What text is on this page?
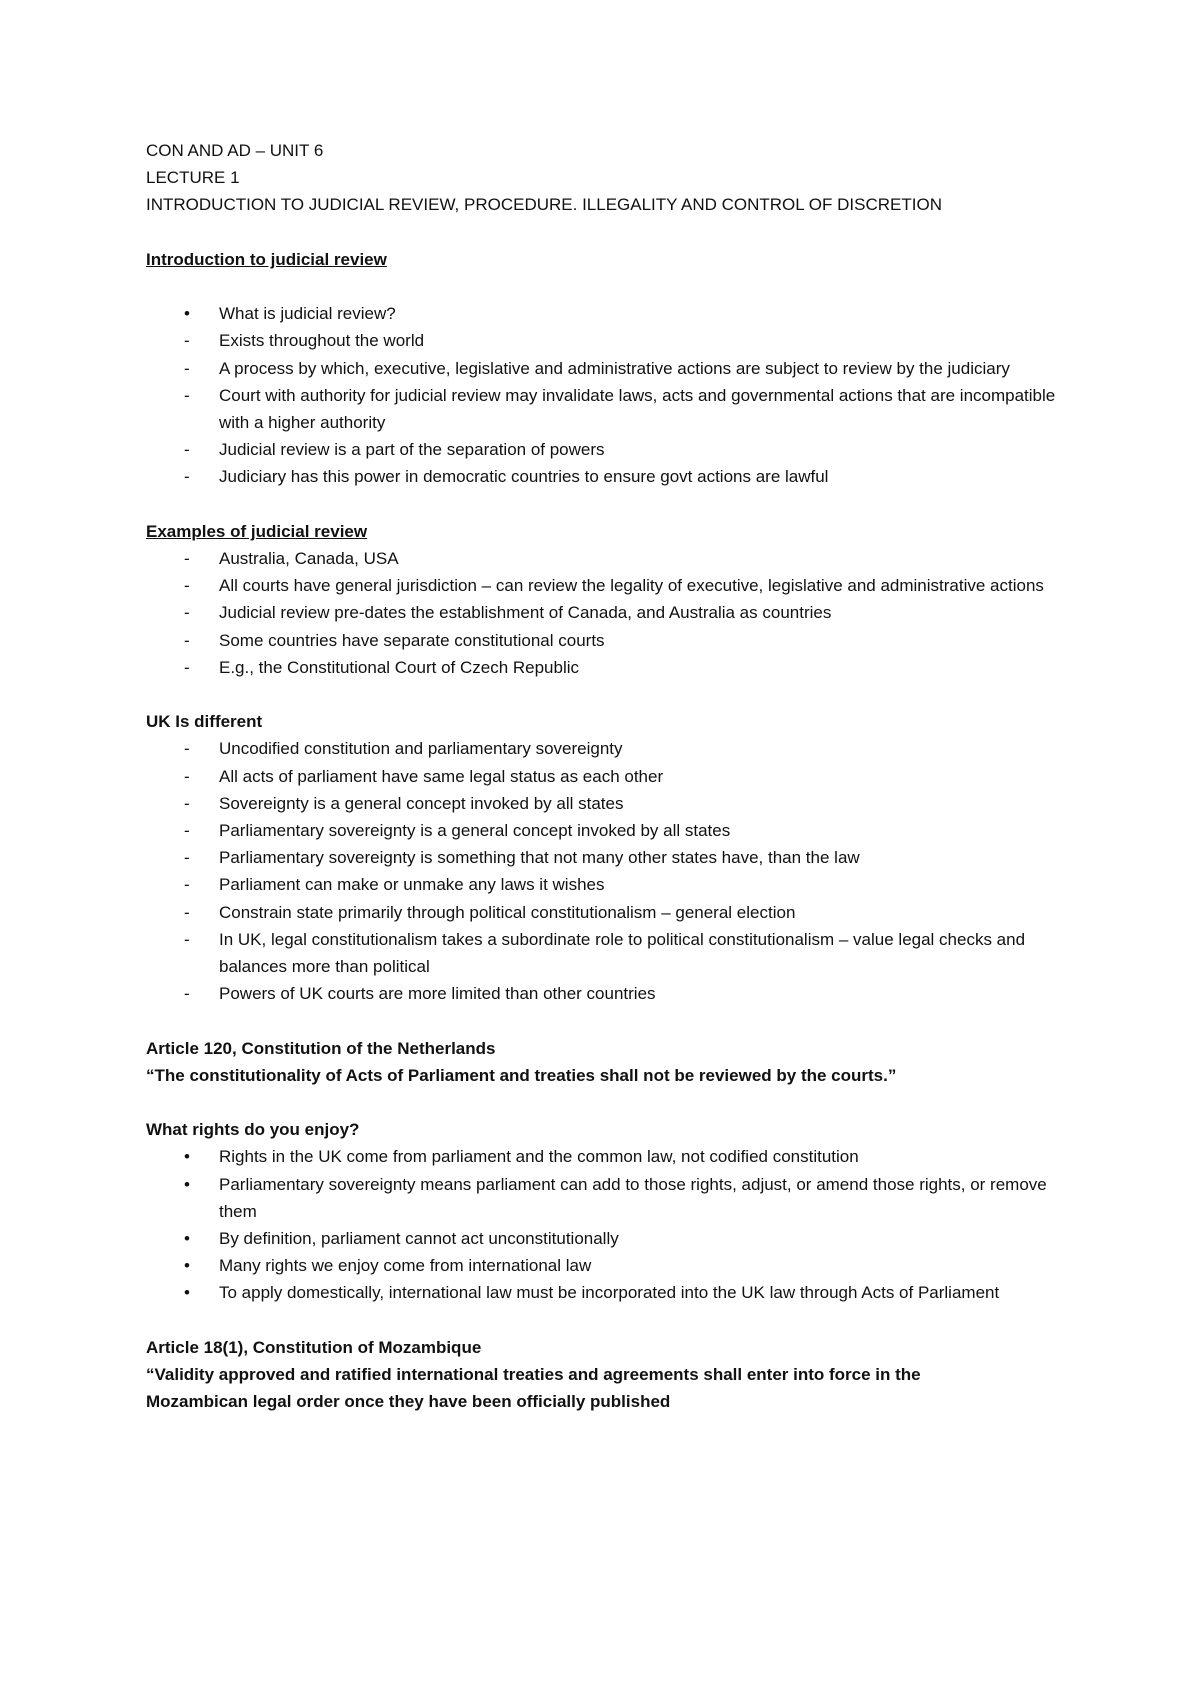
CON AND AD – UNIT 6
LECTURE 1
INTRODUCTION TO JUDICIAL REVIEW, PROCEDURE. ILLEGALITY AND CONTROL OF DISCRETION
Introduction to judicial review
•	What is judicial review?
-	Exists throughout the world
-	A process by which, executive, legislative and administrative actions are subject to review by the judiciary
-	Court with authority for judicial review may invalidate laws, acts and governmental actions that are incompatible with a higher authority
-	Judicial review is a part of the separation of powers
-	Judiciary has this power in democratic countries to ensure govt actions are lawful
Examples of judicial review
-	Australia, Canada, USA
-	All courts have general jurisdiction – can review the legality of executive, legislative and administrative actions
-	Judicial review pre-dates the establishment of Canada, and Australia as countries
-	Some countries have separate constitutional courts
-	E.g., the Constitutional Court of Czech Republic
UK Is different
-	Uncodified constitution and parliamentary sovereignty
-	All acts of parliament have same legal status as each other
-	Sovereignty is a general concept invoked by all states
-	Parliamentary sovereignty is a general concept invoked by all states
-	Parliamentary sovereignty is something that not many other states have, than the law
-	Parliament can make or unmake any laws it wishes
-	Constrain state primarily through political constitutionalism – general election
-	In UK, legal constitutionalism takes a subordinate role to political constitutionalism – value legal checks and balances more than political
-	Powers of UK courts are more limited than other countries
Article 120, Constitution of the Netherlands
“The constitutionality of Acts of Parliament and treaties shall not be reviewed by the courts.”
What rights do you enjoy?
•	Rights in the UK come from parliament and the common law, not codified constitution
•	Parliamentary sovereignty means parliament can add to those rights, adjust, or amend those rights, or remove them
•	By definition, parliament cannot act unconstitutionally
•	Many rights we enjoy come from international law
•	To apply domestically, international law must be incorporated into the UK law through Acts of Parliament
Article 18(1), Constitution of Mozambique
“Validity approved and ratified international treaties and agreements shall enter into force in the
Mozambican legal order once they have been officially published
